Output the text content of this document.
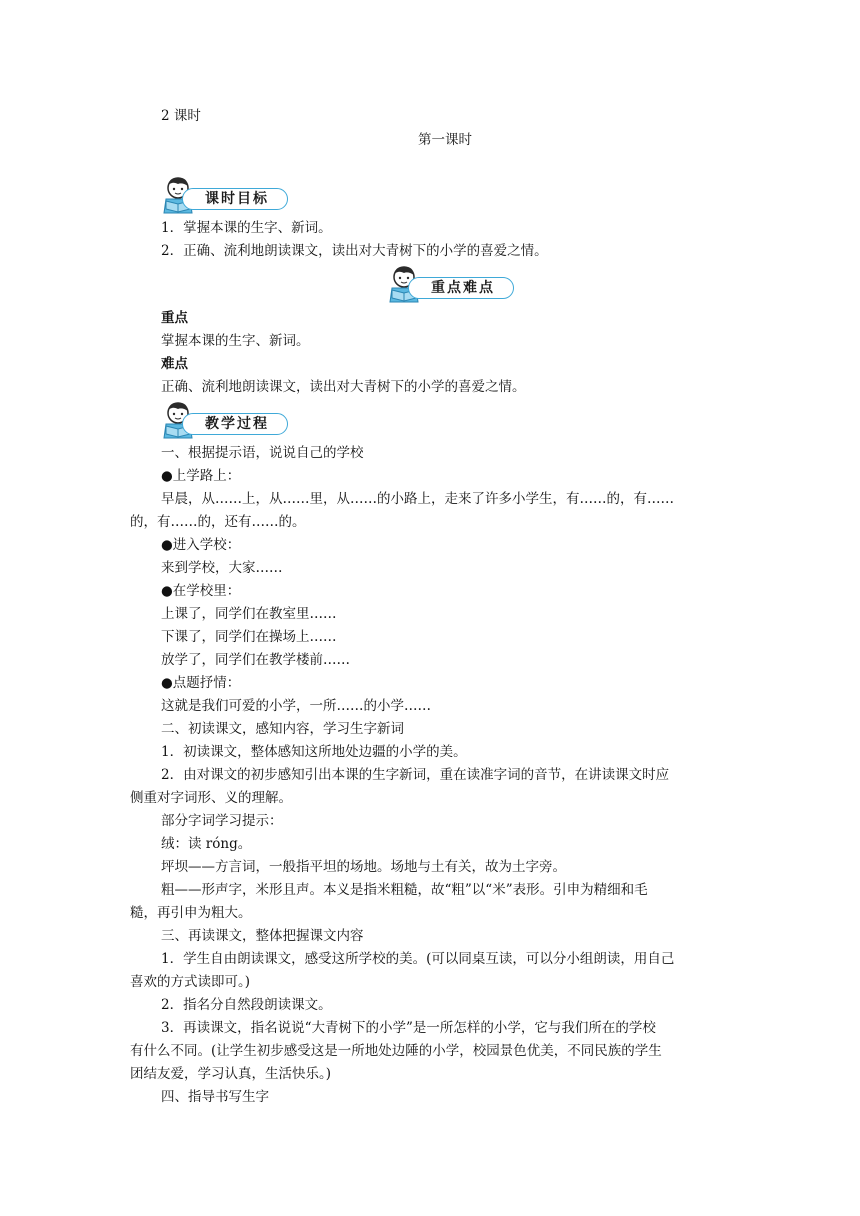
2 课时
第一课时
课时目标
1．掌握本课的生字、新词。
2．正确、流利地朗读课文，读出对大青树下的小学的喜爱之情。
重点难点
重点
掌握本课的生字、新词。
难点
正确、流利地朗读课文，读出对大青树下的小学的喜爱之情。
教学过程
一、根据提示语，说说自己的学校
●上学路上：
早晨，从……上，从……里，从……的小路上，走来了许多小学生，有……的，有……
的，有……的，还有……的。
●进入学校：
来到学校，大家……
●在学校里：
上课了，同学们在教室里……
下课了，同学们在操场上……
放学了，同学们在教学楼前……
●点题抒情：
这就是我们可爱的小学，一所……的小学……
二、初读课文，感知内容，学习生字新词
1．初读课文，整体感知这所地处边疆的小学的美。
2．由对课文的初步感知引出本课的生字新词，重在读准字词的音节，在讲读课文时应
侧重对字词形、义的理解。
部分字词学习提示：
绒：读 róng。
坪坝——方言词，一般指平坦的场地。场地与土有关，故为土字旁。
粗——形声字，米形且声。本义是指米粗糙，故“粗”以“米”表形。引申为精细和毛
糙，再引申为粗大。
三、再读课文，整体把握课文内容
1．学生自由朗读课文，感受这所学校的美。(可以同桌互读，可以分小组朗读，用自己
喜欢的方式读即可。)
2．指名分自然段朗读课文。
3．再读课文，指名说说“大青树下的小学”是一所怎样的小学，它与我们所在的学校
有什么不同。(让学生初步感受这是一所地处边陲的小学，校园景色优美，不同民族的学生
团结友爱，学习认真，生活快乐。)
四、指导书写生字
